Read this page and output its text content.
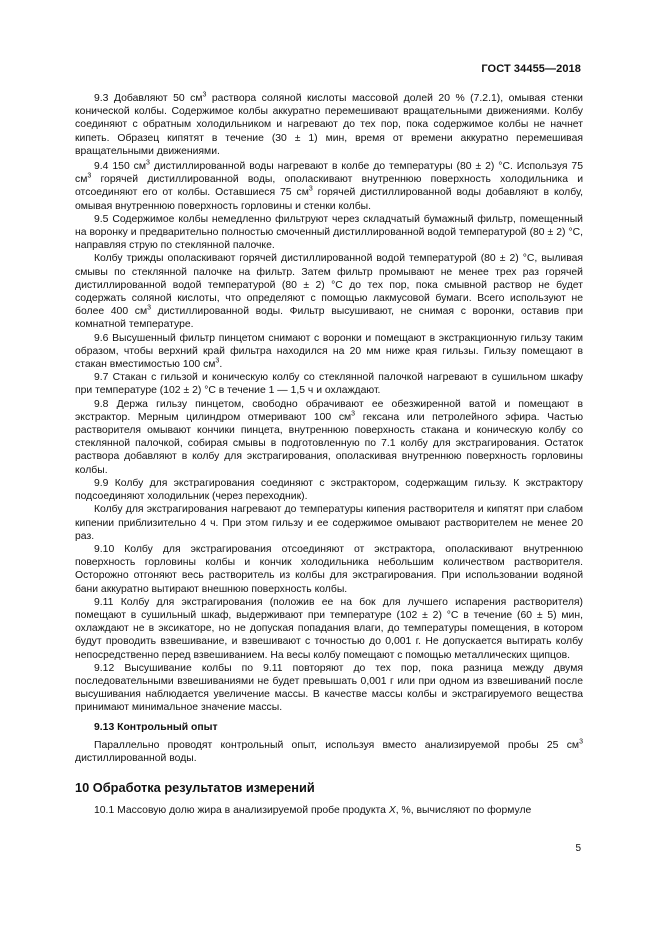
ГОСТ 34455—2018

9.3 Добавляют 50 $см^3$ раствора соляной кислоты массовой долей 20 % (7.2.1), омывая стенки конической колбы. Содержимое колбы аккуратно перемешивают вращательными движениями. Колбу соединяют с обратным холодильником и нагревают до тех пор, пока содержимое колбы не начнет кипеть. Образец кипятят в течение (30 ± 1) мин, время от времени аккуратно перемешивая вращательными движениями.

9.4 150 $см^3$ дистиллированной воды нагревают в колбе до температуры (80 ± 2) °С. Используя 75 $см^3$ горячей дистиллированной воды, ополаскивают внутреннюю поверхность холодильника и отсоединяют его от колбы. Оставшиеся 75 $см^3$ горячей дистиллированной воды добавляют в колбу, омывая внутреннюю поверхность горловины и стенки колбы.

9.5 Содержимое колбы немедленно фильтруют через складчатый бумажный фильтр, помещенный на воронку и предварительно полностью смоченный дистиллированной водой температурой (80 ± 2) °С, направляя струю по стеклянной палочке.

Колбу трижды ополаскивают горячей дистиллированной водой температурой (80 ± 2) °С, выливая смывы по стеклянной палочке на фильтр. Затем фильтр промывают не менее трех раз горячей дистиллированной водой температурой (80 ± 2) °С до тех пор, пока смывной раствор не будет содержать соляной кислоты, что определяют с помощью лакмусовой бумаги. Всего используют не более 400 $см^3$ дистиллированной воды. Фильтр высушивают, не снимая с воронки, оставив при комнатной температуре.

9.6 Высушенный фильтр пинцетом снимают с воронки и помещают в экстракционную гильзу таким образом, чтобы верхний край фильтра находился на 20 мм ниже края гильзы. Гильзу помещают в стакан вместимостью 100 $см^3$.

9.7 Стакан с гильзой и коническую колбу со стеклянной палочкой нагревают в сушильном шкафу при температуре (102 ± 2) °С в течение 1 — 1,5 ч и охлаждают.

9.8 Держа гильзу пинцетом, свободно обрачивают ее обезжиренной ватой и помещают в экстрактор. Мерным цилиндром отмеривают 100 $см^3$ гексана или петролейного эфира. Частью растворителя омывают кончики пинцета, внутреннюю поверхность стакана и коническую колбу со стеклянной палочкой, собирая смывы в подготовленную по 7.1 колбу для экстрагирования. Остаток раствора добавляют в колбу для экстрагирования, ополаскивая внутреннюю поверхность горловины колбы.

9.9 Колбу для экстрагирования соединяют с экстрактором, содержащим гильзу. К экстрактору подсоединяют холодильник (через переходник).

Колбу для экстрагирования нагревают до температуры кипения растворителя и кипятят при слабом кипении приблизительно 4 ч. При этом гильзу и ее содержимое омывают растворителем не менее 20 раз.

9.10 Колбу для экстрагирования отсоединяют от экстрактора, ополаскивают внутреннюю поверхность горловины колбы и кончик холодильника небольшим количеством растворителя. Осторожно отгоняют весь растворитель из колбы для экстрагирования. При использовании водяной бани аккуратно вытирают внешнюю поверхность колбы.

9.11 Колбу для экстрагирования (положив ее на бок для лучшего испарения растворителя) помещают в сушильный шкаф, выдерживают при температуре (102 ± 2) °С в течение (60 ± 5) мин, охлаждают не в эксикаторе, но не допуская попадания влаги, до температуры помещения, в котором будут проводить взвешивание, и взвешивают с точностью до 0,001 г. Не допускается вытирать колбу непосредственно перед взвешиванием. На весы колбу помещают с помощью металлических щипцов.

9.12 Высушивание колбы по 9.11 повторяют до тех пор, пока разница между двумя последовательными взвешиваниями не будет превышать 0,001 г или при одном из взвешиваний после высушивания наблюдается увеличение массы. В качестве массы колбы и экстрагируемого вещества принимают минимальное значение массы.

9.13 Контрольный опыт

Параллельно проводят контрольный опыт, используя вместо анализируемой пробы 25 $см^3$ дистиллированной воды.

10 Обработка результатов измерений

10.1 Массовую долю жира в анализируемой пробе продукта X, %, вычисляют по формуле

5
